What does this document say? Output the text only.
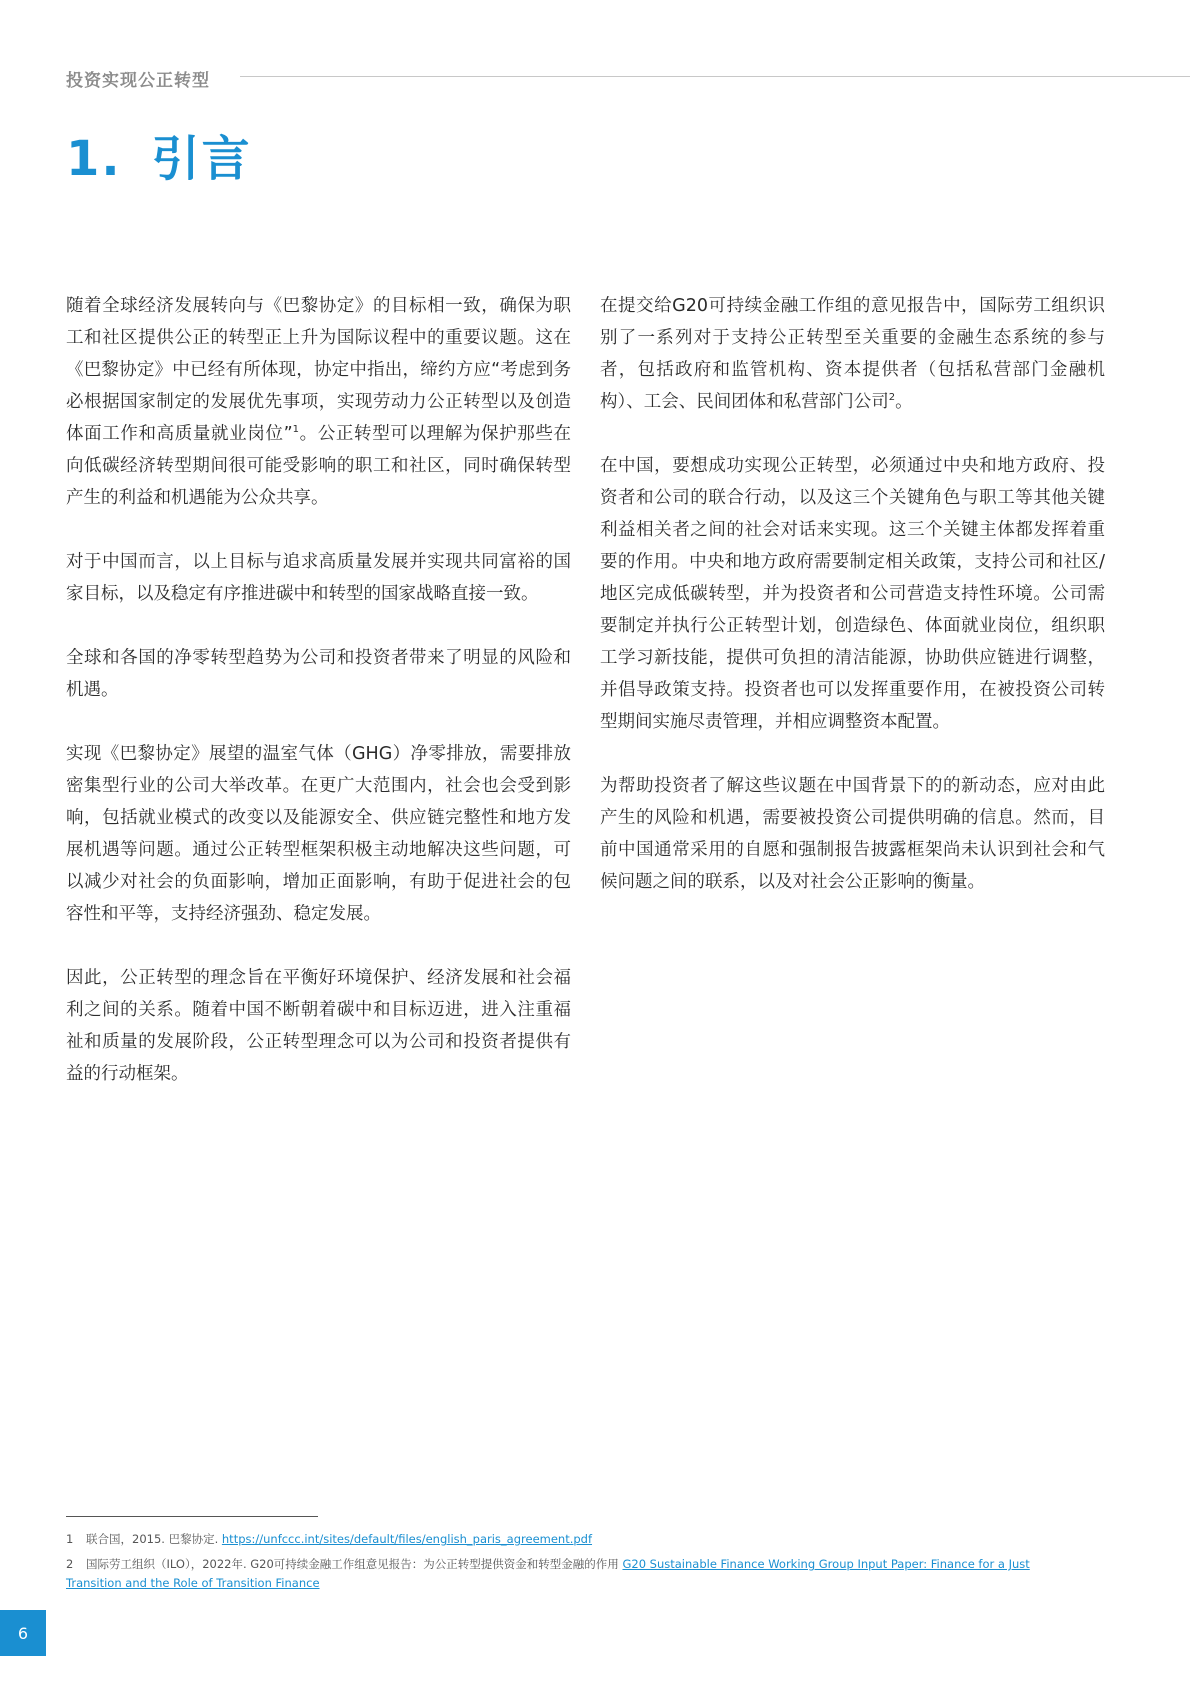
投资实现公正转型
1. 引言

随着全球经济发展转向与《巴黎协定》的目标相一致，确保为职工和社区提供公正的转型正上升为国际议程中的重要议题。这在《巴黎协定》中已经有所体现，协定中指出，缔约方应“考虑到务必根据国家制定的发展优先事项，实现劳动力公正转型以及创造体面工作和高质量就业岗位”$^1$。公正转型可以理解为保护那些在向低碳经济转型期间很可能受影响的职工和社区，同时确保转型产生的利益和机遇能为公众共享。

对于中国而言，以上目标与追求高质量发展并实现共同富裕的国家目标，以及稳定有序推进碳中和转型的国家战略直接一致。

全球和各国的净零转型趋势为公司和投资者带来了明显的风险和机遇。

实现《巴黎协定》展望的温室气体（GHG）净零排放，需要排放密集型行业的公司大举改革。在更广大范围内，社会也会受到影响，包括就业模式的改变以及能源安全、供应链完整性和地方发展机遇等问题。通过公正转型框架积极主动地解决这些问题，可以减少对社会的负面影响，增加正面影响，有助于促进社会的包容性和平等，支持经济强劲、稳定发展。

因此，公正转型的理念旨在平衡好环境保护、经济发展和社会福利之间的关系。随着中国不断朝着碳中和目标迈进，进入注重福祉和质量的发展阶段，公正转型理念可以为公司和投资者提供有益的行动框架。

在提交给G20可持续金融工作组的意见报告中，国际劳工组织识别了一系列对于支持公正转型至关重要的金融生态系统的参与者，包括政府和监管机构、资本提供者（包括私营部门金融机构）、工会、民间团体和私营部门公司$^2$。

在中国，要想成功实现公正转型，必须通过中央和地方政府、投资者和公司的联合行动，以及这三个关键角色与职工等其他关键利益相关者之间的社会对话来实现。这三个关键主体都发挥着重要的作用。中央和地方政府需要制定相关政策，支持公司和社区/地区完成低碳转型，并为投资者和公司营造支持性环境。公司需要制定并执行公正转型计划，创造绿色、体面就业岗位，组织职工学习新技能，提供可负担的清洁能源，协助供应链进行调整，并倡导政策支持。投资者也可以发挥重要作用，在被投资公司转型期间实施尽责管理，并相应调整资本配置。

为帮助投资者了解这些议题在中国背景下的的新动态，应对由此产生的风险和机遇，需要被投资公司提供明确的信息。然而，目前中国通常采用的自愿和强制报告披露框架尚未认识到社会和气候问题之间的联系，以及对社会公正影响的衡量。

1 联合国，2015. 巴黎协定. https://unfccc.int/sites/default/files/english_paris_agreement.pdf
2 国际劳工组织（ILO），2022年. G20可持续金融工作组意见报告：为公正转型提供资金和转型金融的作用 G20 Sustainable Finance Working Group Input Paper: Finance for a Just Transition and the Role of Transition Finance
6
